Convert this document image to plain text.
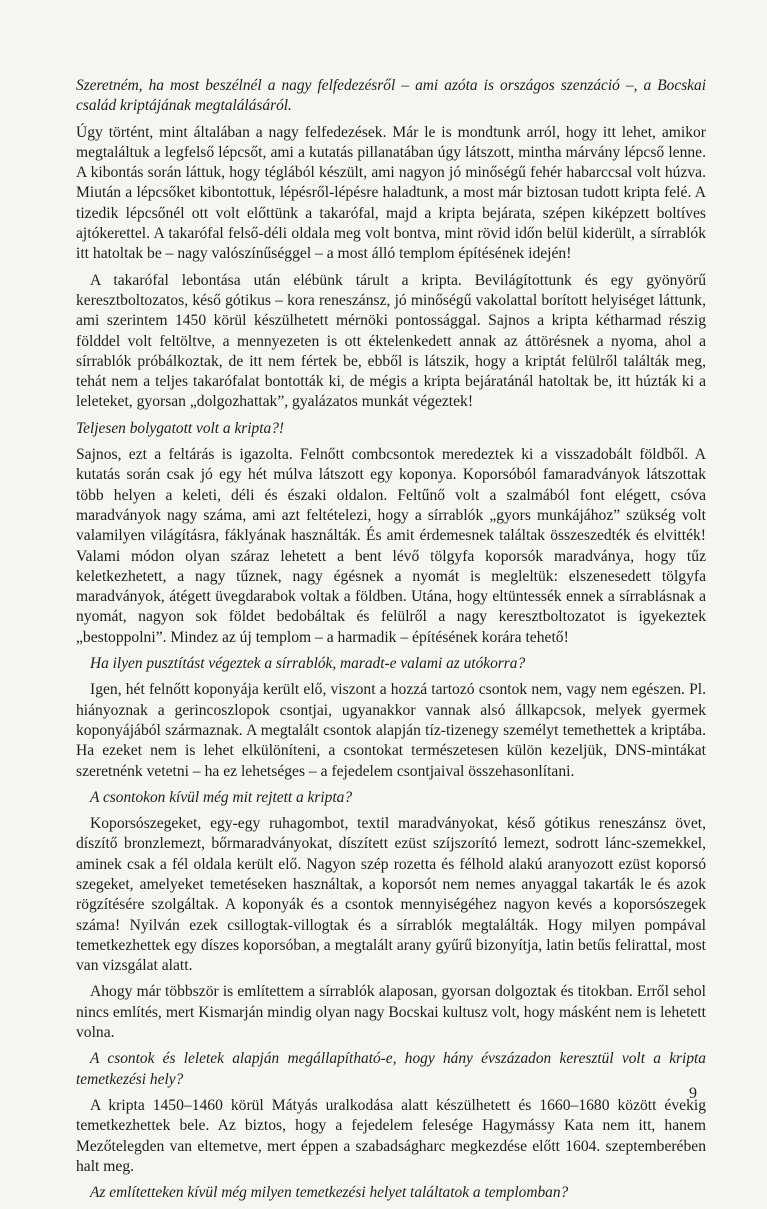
Szeretném, ha most beszélnél a nagy felfedezésről – ami azóta is országos szenzáció –, a Bocskai család kriptájának megtalálásáról.

Úgy történt, mint általában a nagy felfedezések. Már le is mondtunk arról, hogy itt lehet, amikor megtaláltuk a legfelső lépcsőt, ami a kutatás pillanatában úgy látszott, mintha márvány lépcső lenne. A kibontás során láttuk, hogy téglából készült, ami nagyon jó minőségű fehér habarccsal volt húzva. Miután a lépcsőket kibontottuk, lépésről-lépésre haladtunk, a most már biztosan tudott kripta felé. A tizedik lépcsőnél ott volt előttünk a takarófal, majd a kripta bejárata, szépen kiképzett boltíves ajtókerettel. A takarófal felső-déli oldala meg volt bontva, mint rövid időn belül kiderült, a sírrablók itt hatoltak be – nagy valószínűséggel – a most álló templom építésének idején!

A takarófal lebontása után elébünk tárult a kripta. Bevilágítottunk és egy gyönyörű keresztboltozatos, késő gótikus – kora reneszánsz, jó minőségű vakolattal borított helyiséget láttunk, ami szerintem 1450 körül készülhetett mérnöki pontossággal. Sajnos a kripta kétharmad részig földdel volt feltöltve, a mennyezeten is ott éktelenkedett annak az áttörésnek a nyoma, ahol a sírrablók próbálkoztak, de itt nem fértek be, ebből is látszik, hogy a kriptát felülről találták meg, tehát nem a teljes takarófalat bontották ki, de mégis a kripta bejáratánál hatoltak be, itt húzták ki a leleteket, gyorsan „dolgozhattak”, gyalázatos munkát végeztek!

Teljesen bolygatott volt a kripta?!

Sajnos, ezt a feltárás is igazolta. Felnőtt combcsontok meredeztek ki a visszadobált földből. A kutatás során csak jó egy hét múlva látszott egy koponya. Koporsóból famaradványok látszottak több helyen a keleti, déli és északi oldalon. Feltűnő volt a szalmából font elégett, csóva maradványok nagy száma, ami azt feltételezi, hogy a sírrablók „gyors munkájához” szükség volt valamilyen világításra, fáklyának használták. És amit érdemesnek találtak összeszedték és elvitték! Valami módon olyan száraz lehetett a bent lévő tölgyfa koporsók maradványa, hogy tűz keletkezhetett, a nagy tűznek, nagy égésnek a nyomát is megleltük: elszenesedett tölgyfa maradványok, átégett üvegdarabok voltak a földben. Utána, hogy eltüntessék ennek a sírrablásnak a nyomát, nagyon sok földet bedobáltak és felülről a nagy keresztboltozatot is igyekeztek „bestoppolni”. Mindez az új templom – a harmadik – építésének korára tehető!

Ha ilyen pusztítást végeztek a sírrablók, maradt-e valami az utókorra?

Igen, hét felnőtt koponyája került elő, viszont a hozzá tartozó csontok nem, vagy nem egészen. Pl. hiányoznak a gerincoszlopok csontjai, ugyanakkor vannak alsó állkapcsok, melyek gyermek koponyájából származnak. A megtalált csontok alapján tíz-tizenegy személyt temethettek a kriptába. Ha ezeket nem is lehet elkülöníteni, a csontokat természetesen külön kezeljük, DNS-mintákat szeretnénk vetetni – ha ez lehetséges – a fejedelem csontjaival összehasonlítani.

A csontokon kívül még mit rejtett a kripta?

Koporsószegeket, egy-egy ruhagombot, textil maradványokat, késő gótikus reneszánsz övet, díszítő bronzlemezt, bőrmaradványokat, díszített ezüst szíjszorító lemezt, sodrott lánc-szemekkel, aminek csak a fél oldala került elő. Nagyon szép rozetta és félhold alakú aranyozott ezüst koporsó szegeket, amelyeket temetéseken használtak, a koporsót nem nemes anyaggal takarták le és azok rögzítésére szolgáltak. A koponyák és a csontok mennyiségéhez nagyon kevés a koporsószegek száma! Nyilván ezek csillogtak-villogtak és a sírrablók megtalálták. Hogy milyen pompával temetkezhettek egy díszes koporsóban, a megtalált arany gyűrű bizonyítja, latin betűs felirattal, most van vizsgálat alatt.

Ahogy már többször is említettem a sírrablók alaposan, gyorsan dolgoztak és titokban. Erről sehol nincs említés, mert Kismarján mindig olyan nagy Bocskai kultusz volt, hogy másként nem is lehetett volna.

A csontok és leletek alapján megállapítható-e, hogy hány évszázadon keresztül volt a kripta temetkezési hely?

A kripta 1450–1460 körül Mátyás uralkodása alatt készülhetett és 1660–1680 között évekig temetkezhettek bele. Az biztos, hogy a fejedelem felesége Hagymássy Kata nem itt, hanem Mezőtelegden van eltemetve, mert éppen a szabadságharc megkezdése előtt 1604. szeptemberében halt meg.

Az említetteken kívül még milyen temetkezési helyet találtatok a templomban?

9
